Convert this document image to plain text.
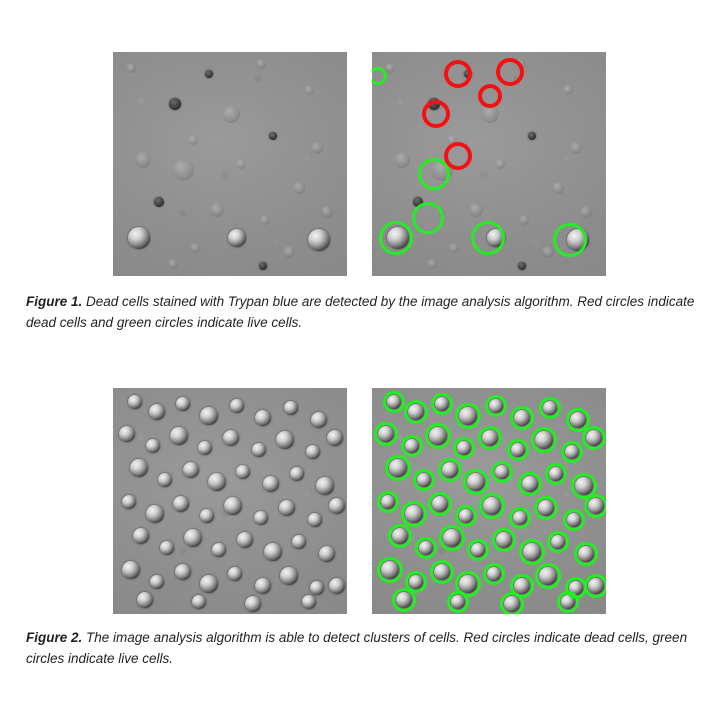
Figure 1. Dead cells stained with Trypan blue are detected by the image analysis algorithm. Red circles indicate dead cells and green circles indicate live cells.
Figure 2. The image analysis algorithm is able to detect clusters of cells. Red circles indicate dead cells, green circles indicate live cells.
